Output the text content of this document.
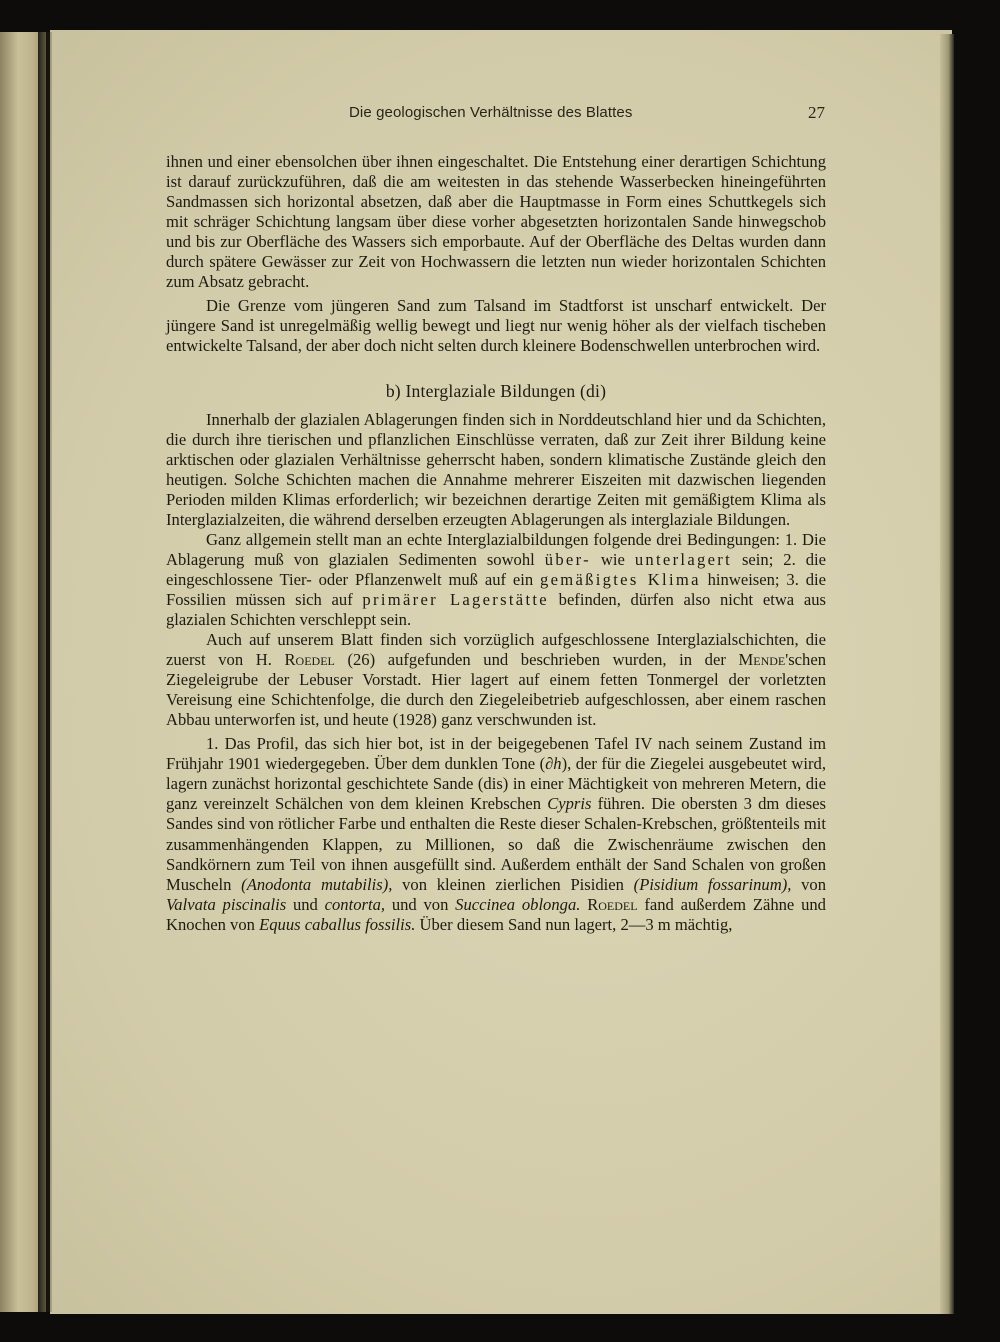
Die geologischen Verhältnisse des Blattes	27

ihnen und einer ebensolchen über ihnen eingeschaltet. Die Entstehung einer derartigen Schichtung ist darauf zurückzuführen, daß die am weitesten in das stehende Wasserbecken hineingeführten Sandmassen sich horizontal absetzen, daß aber die Hauptmasse in Form eines Schuttkegels sich mit schräger Schichtung langsam über diese vorher abgesetzten horizontalen Sande hinwegschob und bis zur Oberfläche des Wassers sich emporbaute. Auf der Oberfläche des Deltas wurden dann durch spätere Gewässer zur Zeit von Hochwassern die letzten nun wieder horizontalen Schichten zum Absatz gebracht.

Die Grenze vom jüngeren Sand zum Talsand im Stadtforst ist unscharf entwickelt. Der jüngere Sand ist unregelmäßig wellig bewegt und liegt nur wenig höher als der vielfach tischeben entwickelte Talsand, der aber doch nicht selten durch kleinere Bodenschwellen unterbrochen wird.

b) Interglaziale Bildungen (di)

Innerhalb der glazialen Ablagerungen finden sich in Norddeutschland hier und da Schichten, die durch ihre tierischen und pflanzlichen Einschlüsse verraten, daß zur Zeit ihrer Bildung keine arktischen oder glazialen Verhältnisse geherrscht haben, sondern klimatische Zustände gleich den heutigen. Solche Schichten machen die Annahme mehrerer Eiszeiten mit dazwischen liegenden Perioden milden Klimas erforderlich; wir bezeichnen derartige Zeiten mit gemäßigtem Klima als Interglazialzeiten, die während derselben erzeugten Ablagerungen als interglaziale Bildungen.

Ganz allgemein stellt man an echte Interglazialbildungen folgende drei Bedingungen: 1. Die Ablagerung muß von glazialen Sedimenten sowohl über- wie unterlagert sein; 2. die eingeschlossene Tier- oder Pflanzenwelt muß auf ein gemäßigtes Klima hinweisen; 3. die Fossilien müssen sich auf primärer Lagerstätte befinden, dürfen also nicht etwa aus glazialen Schichten verschleppt sein.

Auch auf unserem Blatt finden sich vorzüglich aufgeschlossene Interglazialschichten, die zuerst von H. Roedel (26) aufgefunden und beschrieben wurden, in der Mende'schen Ziegeleigrube der Lebuser Vorstadt. Hier lagert auf einem fetten Tonmergel der vorletzten Vereisung eine Schichtenfolge, die durch den Ziegeleibetrieb aufgeschlossen, aber einem raschen Abbau unterworfen ist, und heute (1928) ganz verschwunden ist.

1. Das Profil, das sich hier bot, ist in der beigegebenen Tafel IV nach seinem Zustand im Frühjahr 1901 wiedergegeben. Über dem dunklen Tone (∂h), der für die Ziegelei ausgebeutet wird, lagern zunächst horizontal geschichtete Sande (dis) in einer Mächtigkeit von mehreren Metern, die ganz vereinzelt Schälchen von dem kleinen Krebschen Cypris führen. Die obersten 3 dm dieses Sandes sind von rötlicher Farbe und enthalten die Reste dieser Schalen-Krebschen, größtenteils mit zusammenhängenden Klappen, zu Millionen, so daß die Zwischenräume zwischen den Sandkörnern zum Teil von ihnen ausgefüllt sind. Außerdem enthält der Sand Schalen von großen Muscheln (Anodonta mutabilis), von kleinen zierlichen Pisidien (Pisidium fossarinum), von Valvata piscinalis und contorta, und von Succinea oblonga. Roedel fand außerdem Zähne und Knochen von Equus caballus fossilis. Über diesem Sand nun lagert, 2—3 m mächtig,
